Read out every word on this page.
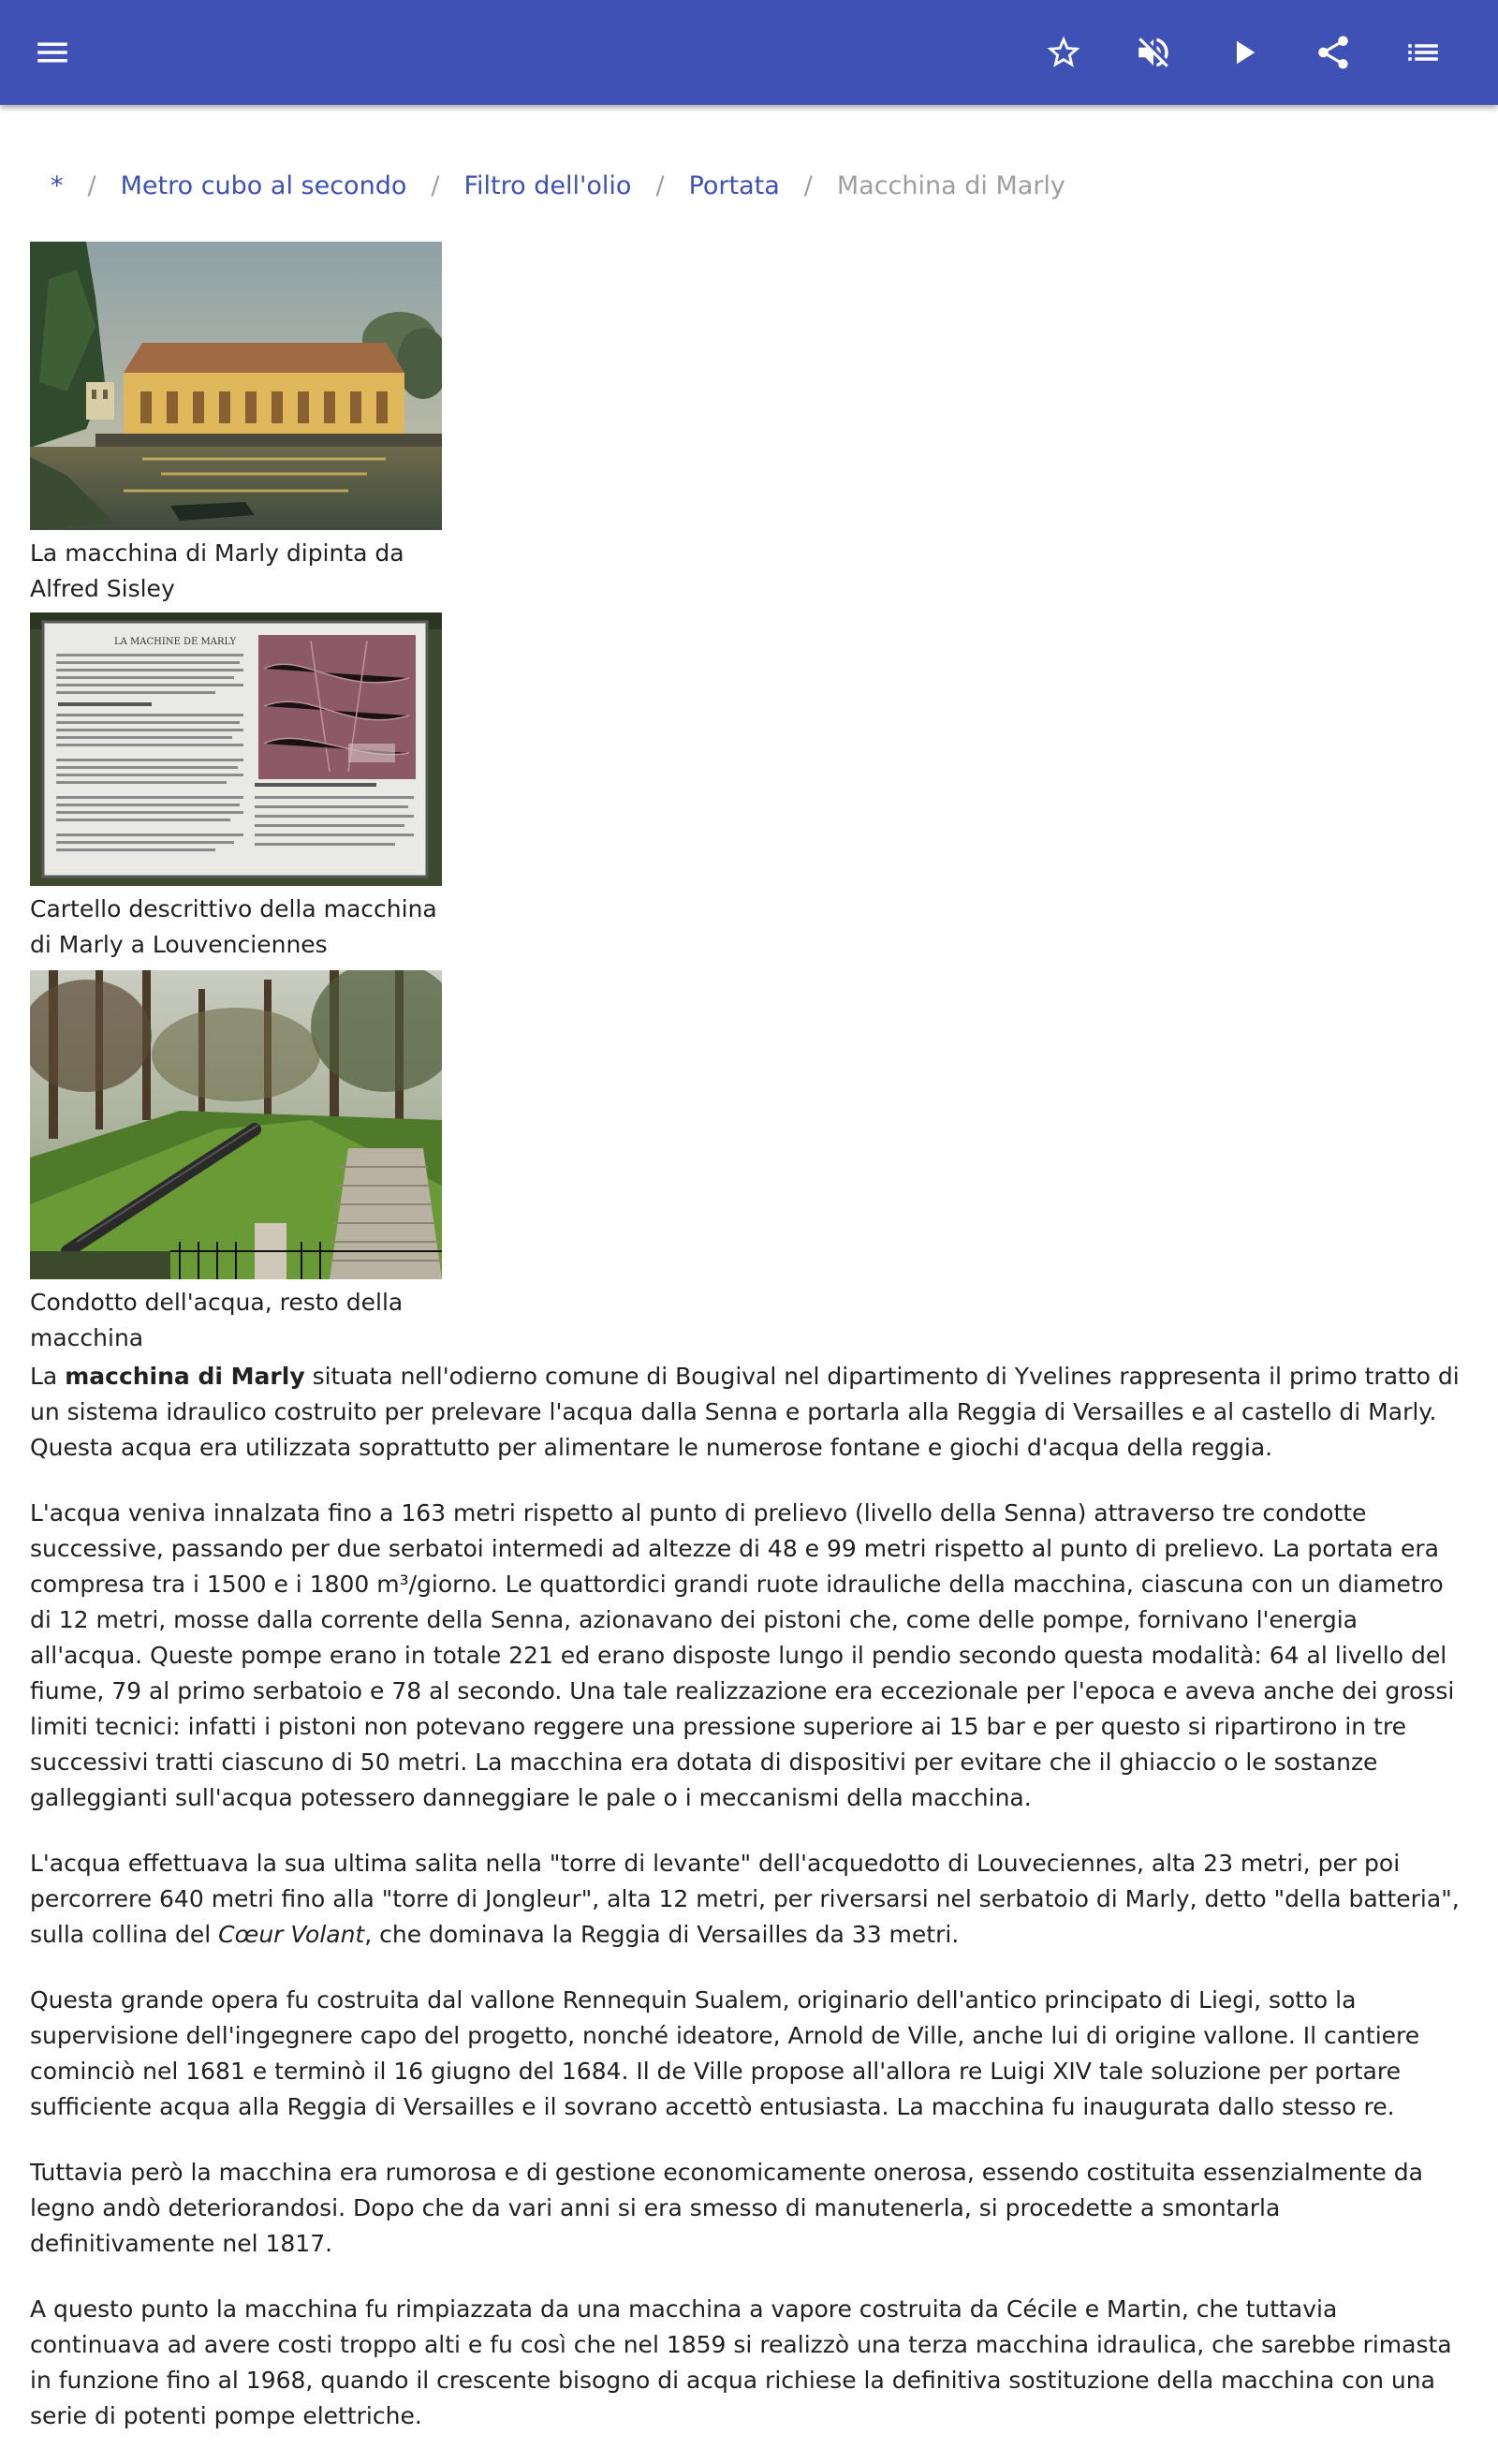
* / Metro cubo al secondo / Filtro dell'olio / Portata / Macchina di Marly
La macchina di Marly dipinta da Alfred Sisley
LA MACHINE DE MARLY
Cartello descrittivo della macchina di Marly a Louvenciennes
Condotto dell'acqua, resto della macchina

La macchina di Marly situata nell'odierno comune di Bougival nel dipartimento di Yvelines rappresenta il primo tratto di un sistema idraulico costruito per prelevare l'acqua dalla Senna e portarla alla Reggia di Versailles e al castello di Marly. Questa acqua era utilizzata soprattutto per alimentare le numerose fontane e giochi d'acqua della reggia.

L'acqua veniva innalzata fino a 163 metri rispetto al punto di prelievo (livello della Senna) attraverso tre condotte successive, passando per due serbatoi intermedi ad altezze di 48 e 99 metri rispetto al punto di prelievo. La portata era compresa tra i 1500 e i 1800 m³/giorno. Le quattordici grandi ruote idrauliche della macchina, ciascuna con un diametro di 12 metri, mosse dalla corrente della Senna, azionavano dei pistoni che, come delle pompe, fornivano l'energia all'acqua. Queste pompe erano in totale 221 ed erano disposte lungo il pendio secondo questa modalità: 64 al livello del fiume, 79 al primo serbatoio e 78 al secondo. Una tale realizzazione era eccezionale per l'epoca e aveva anche dei grossi limiti tecnici: infatti i pistoni non potevano reggere una pressione superiore ai 15 bar e per questo si ripartirono in tre successivi tratti ciascuno di 50 metri. La macchina era dotata di dispositivi per evitare che il ghiaccio o le sostanze galleggianti sull'acqua potessero danneggiare le pale o i meccanismi della macchina.

L'acqua effettuava la sua ultima salita nella "torre di levante" dell'acquedotto di Louveciennes, alta 23 metri, per poi percorrere 640 metri fino alla "torre di Jongleur", alta 12 metri, per riversarsi nel serbatoio di Marly, detto "della batteria", sulla collina del Cœur Volant, che dominava la Reggia di Versailles da 33 metri.

Questa grande opera fu costruita dal vallone Rennequin Sualem, originario dell'antico principato di Liegi, sotto la supervisione dell'ingegnere capo del progetto, nonché ideatore, Arnold de Ville, anche lui di origine vallone. Il cantiere cominciò nel 1681 e terminò il 16 giugno del 1684. Il de Ville propose all'allora re Luigi XIV tale soluzione per portare sufficiente acqua alla Reggia di Versailles e il sovrano accettò entusiasta. La macchina fu inaugurata dallo stesso re.

Tuttavia però la macchina era rumorosa e di gestione economicamente onerosa, essendo costituita essenzialmente da legno andò deteriorandosi. Dopo che da vari anni si era smesso di manutenerla, si procedette a smontarla definitivamente nel 1817.

A questo punto la macchina fu rimpiazzata da una macchina a vapore costruita da Cécile e Martin, che tuttavia continuava ad avere costi troppo alti e fu così che nel 1859 si realizzò una terza macchina idraulica, che sarebbe rimasta in funzione fino al 1968, quando il crescente bisogno di acqua richiese la definitiva sostituzione della macchina con una serie di potenti pompe elettriche.
